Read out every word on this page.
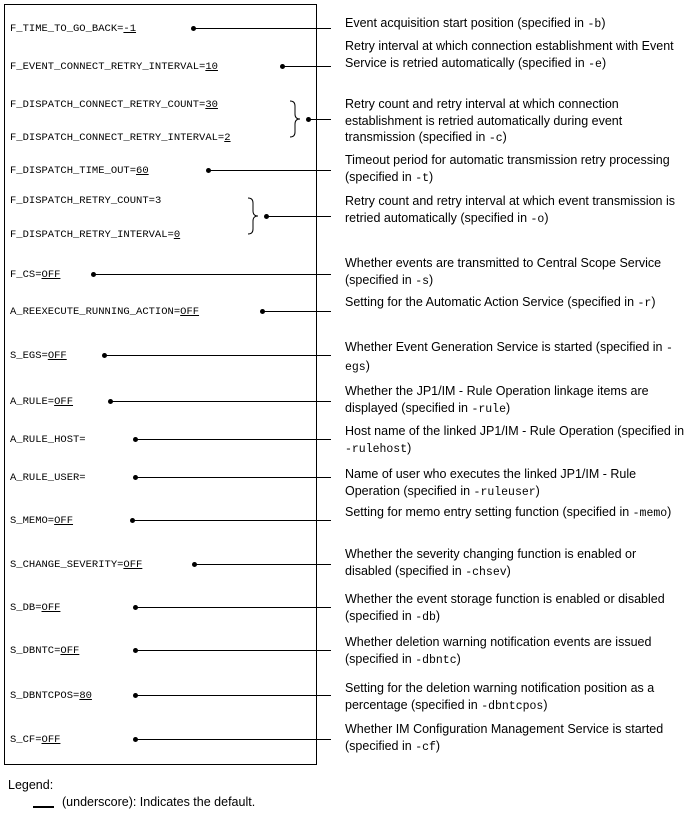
F_TIME_TO_GO_BACK=-1	Event acquisition start position (specified in -b)
F_EVENT_CONNECT_RETRY_INTERVAL=10
Retry interval at which connection establishment with Event Service is retried automatically (specified in -e)
F_DISPATCH_CONNECT_RETRY_COUNT=30
F_DISPATCH_CONNECT_RETRY_INTERVAL=2
Retry count and retry interval at which connection establishment is retried automatically during event transmission (specified in -c)
F_DISPATCH_TIME_OUT=60
Timeout period for automatic transmission retry processing (specified in -t)
F_DISPATCH_RETRY_COUNT=3
F_DISPATCH_RETRY_INTERVAL=0
Retry count and retry interval at which event transmission is retried automatically (specified in -o)
F_CS=OFF
Whether events are transmitted to Central Scope Service (specified in -s)
A_REEXECUTE_RUNNING_ACTION=OFF
Setting for the Automatic Action Service (specified in -r)
S_EGS=OFF
Whether Event Generation Service is started (specified in -egs)
A_RULE=OFF
Whether the JP1/IM - Rule Operation linkage items are displayed (specified in -rule)
A_RULE_HOST=
Host name of the linked JP1/IM - Rule Operation (specified in -rulehost)
A_RULE_USER=	Name of user who executes the linked JP1/IM - Rule Operation (specified in -ruleuser)
S_MEMO=OFF
Setting for memo entry setting function (specified in -memo)
S_CHANGE_SEVERITY=OFF
Whether the severity changing function is enabled or disabled (specified in -chsev)
S_DB=OFF
Whether the event storage function is enabled or disabled (specified in -db)
S_DBNTC=OFF
Whether deletion warning notification events are issued (specified in -dbntc)
S_DBNTCPOS=80
Setting for the deletion warning notification position as a percentage (specified in -dbntcpos)
S_CF=OFF
Whether IM Configuration Management Service is started (specified in -cf)
Legend:
(underscore): Indicates the default.
